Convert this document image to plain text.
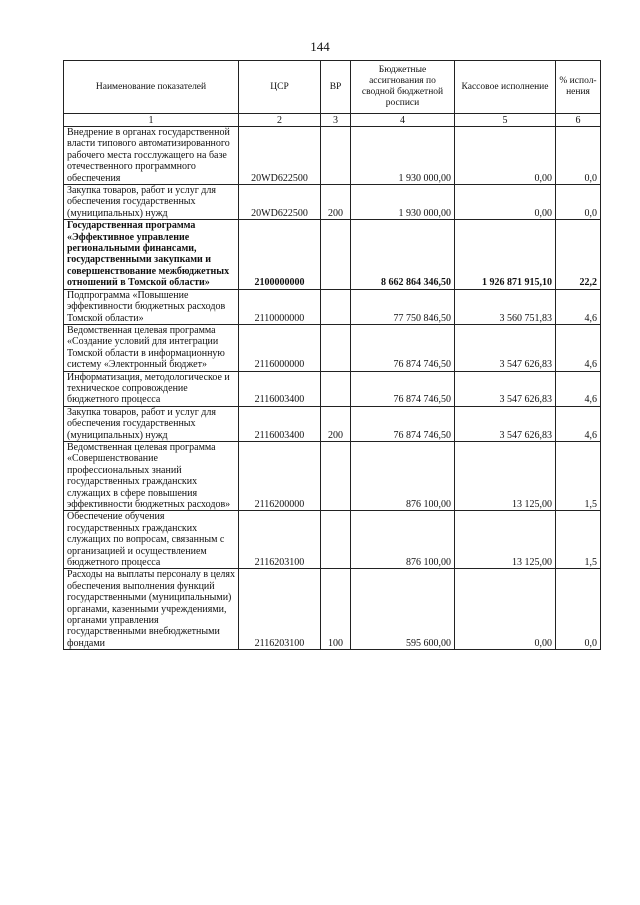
144
Наименование показателей	ЦСР	ВР	Бюджетные ассигнования по сводной бюджетной росписи	Кассовое исполнение	% испол-нения
1	2	3	4	5	6
Внедрение в органах государственной власти типового автоматизированного рабочего места госслужащего на базе отечественного программного обеспечения	20WD622500		1 930 000,00	0,00	0,0
Закупка товаров, работ и услуг для обеспечения государственных (муниципальных) нужд	20WD622500	200	1 930 000,00	0,00	0,0
Государственная программа «Эффективное управление региональными финансами, государственными закупками и совершенствование межбюджетных отношений в Томской области»	2100000000		8 662 864 346,50	1 926 871 915,10	22,2
Подпрограмма «Повышение эффективности бюджетных расходов Томской области»	2110000000		77 750 846,50	3 560 751,83	4,6
Ведомственная целевая программа «Создание условий для интеграции Томской области в информационную систему «Электронный бюджет»	2116000000		76 874 746,50	3 547 626,83	4,6
Информатизация, методологическое и техническое сопровождение бюджетного процесса	2116003400		76 874 746,50	3 547 626,83	4,6
Закупка товаров, работ и услуг для обеспечения государственных (муниципальных) нужд	2116003400	200	76 874 746,50	3 547 626,83	4,6
Ведомственная целевая программа «Совершенствование профессиональных знаний государственных гражданских служащих в сфере повышения эффективности бюджетных расходов»	2116200000		876 100,00	13 125,00	1,5
Обеспечение обучения государственных гражданских служащих по вопросам, связанным с организацией и осуществлением бюджетного процесса	2116203100		876 100,00	13 125,00	1,5
Расходы на выплаты персоналу в целях обеспечения выполнения функций государственными (муниципальными) органами, казенными учреждениями, органами управления государственными внебюджетными фондами	2116203100	100	595 600,00	0,00	0,0
